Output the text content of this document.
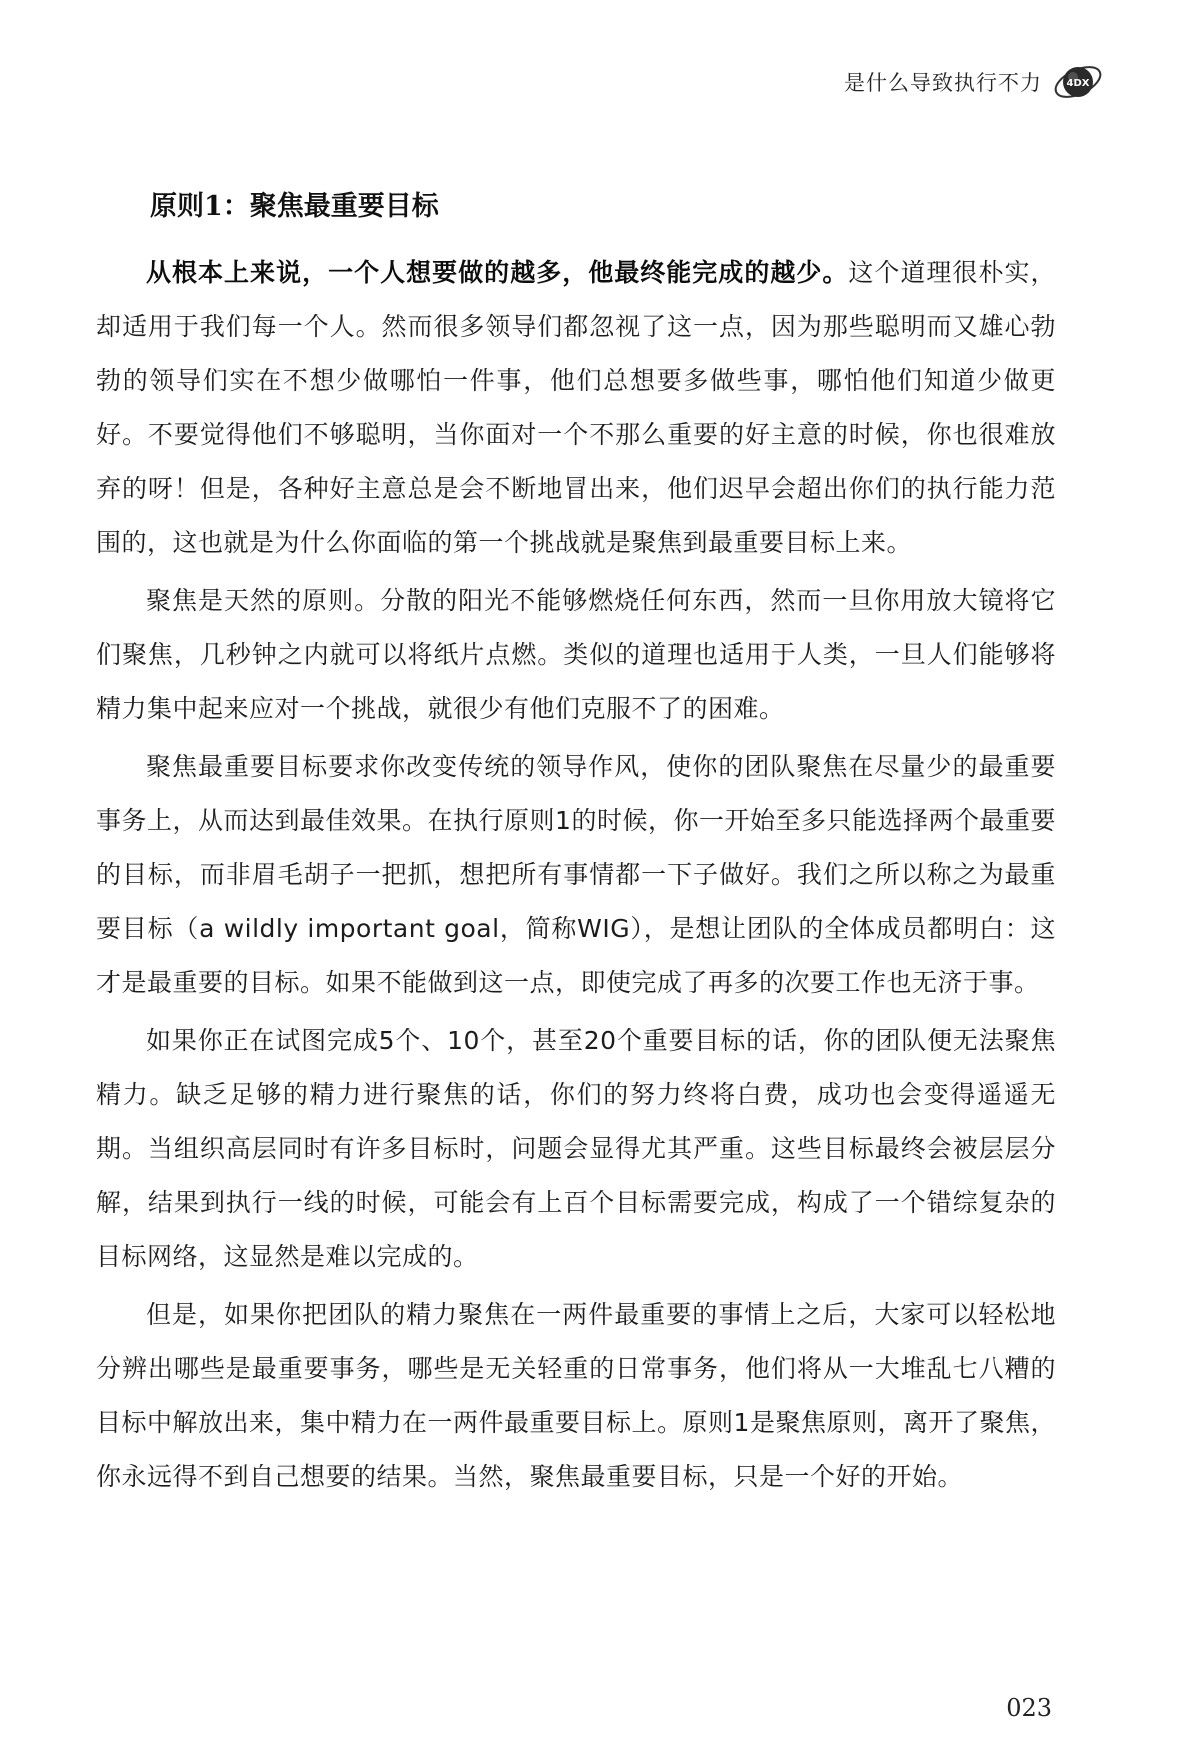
是什么导致执行不力 4DX
原则1：聚焦最重要目标

从根本上来说，一个人想要做的越多，他最终能完成的越少。这个道理很朴实，却适用于我们每一个人。然而很多领导们都忽视了这一点，因为那些聪明而又雄心勃勃的领导们实在不想少做哪怕一件事，他们总想要多做些事，哪怕他们知道少做更好。不要觉得他们不够聪明，当你面对一个不那么重要的好主意的时候，你也很难放弃的呀！但是，各种好主意总是会不断地冒出来，他们迟早会超出你们的执行能力范围的，这也就是为什么你面临的第一个挑战就是聚焦到最重要目标上来。

聚焦是天然的原则。分散的阳光不能够燃烧任何东西，然而一旦你用放大镜将它们聚焦，几秒钟之内就可以将纸片点燃。类似的道理也适用于人类，一旦人们能够将精力集中起来应对一个挑战，就很少有他们克服不了的困难。

聚焦最重要目标要求你改变传统的领导作风，使你的团队聚焦在尽量少的最重要事务上，从而达到最佳效果。在执行原则1的时候，你一开始至多只能选择两个最重要的目标，而非眉毛胡子一把抓，想把所有事情都一下子做好。我们之所以称之为最重要目标（a wildly important goal，简称WIG），是想让团队的全体成员都明白：这才是最重要的目标。如果不能做到这一点，即使完成了再多的次要工作也无济于事。

如果你正在试图完成5个、10个，甚至20个重要目标的话，你的团队便无法聚焦精力。缺乏足够的精力进行聚焦的话，你们的努力终将白费，成功也会变得遥遥无期。当组织高层同时有许多目标时，问题会显得尤其严重。这些目标最终会被层层分解，结果到执行一线的时候，可能会有上百个目标需要完成，构成了一个错综复杂的目标网络，这显然是难以完成的。

但是，如果你把团队的精力聚焦在一两件最重要的事情上之后，大家可以轻松地分辨出哪些是最重要事务，哪些是无关轻重的日常事务，他们将从一大堆乱七八糟的目标中解放出来，集中精力在一两件最重要目标上。原则1是聚焦原则，离开了聚焦，你永远得不到自己想要的结果。当然，聚焦最重要目标，只是一个好的开始。

023
